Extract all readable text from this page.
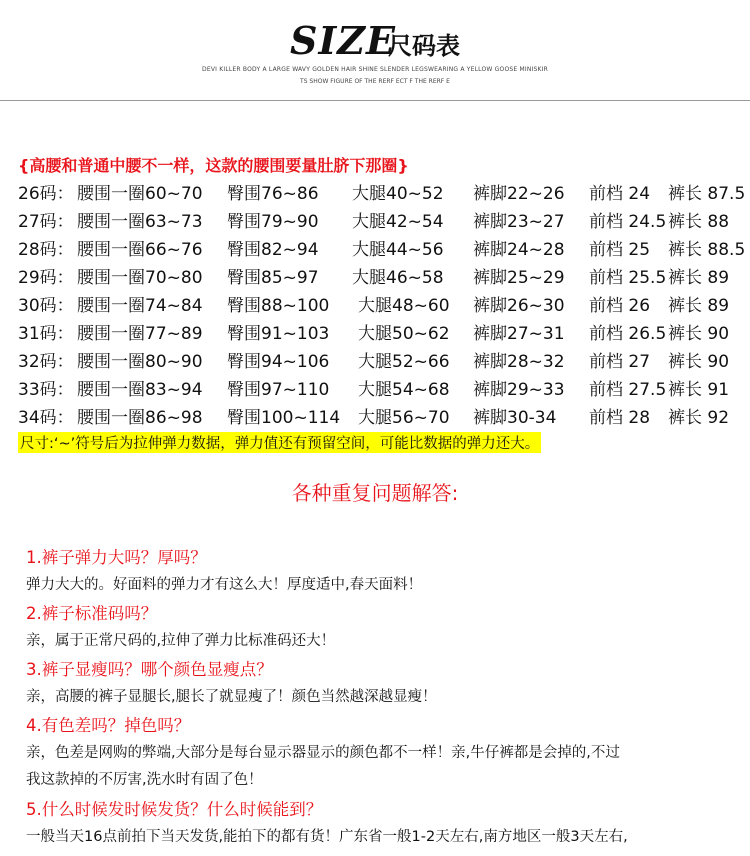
SIZE
尺码表
DEVI KILLER BODY A LARGE WAVY GOLDEN HAIR SHINE SLENDER LEGSWEARING A YELLOW GOOSE MINISKIR
TS SHOW FIGURE OF THE RERF ECT F THE RERF E
{高腰和普通中腰不一样，这款的腰围要量肚脐下那圈}
26码： 腰围一圈60~70 臀围76~86 大腿40~52 裤脚22~26 前档 24 裤长 87.5
27码： 腰围一圈63~73 臀围79~90 大腿42~54 裤脚23~27 前档 24.5 裤长 88
28码： 腰围一圈66~76 臀围82~94 大腿44~56 裤脚24~28 前档 25 裤长 88.5
29码： 腰围一圈70~80 臀围85~97 大腿46~58 裤脚25~29 前档 25.5 裤长 89
30码： 腰围一圈74~84 臀围88~100 大腿48~60 裤脚26~30 前档 26 裤长 89
31码： 腰围一圈77~89 臀围91~103 大腿50~62 裤脚27~31 前档 26.5 裤长 90
32码： 腰围一圈80~90 臀围94~106 大腿52~66 裤脚28~32 前档 27 裤长 90
33码： 腰围一圈83~94 臀围97~110 大腿54~68 裤脚29~33 前档 27.5 裤长 91
34码： 腰围一圈86~98 臀围100~114 大腿56~70 裤脚30-34 前档 28 裤长 92
尺寸:‘~’符号后为拉伸弹力数据，弹力值还有预留空间，可能比数据的弹力还大。
各种重复问题解答:
1.裤子弹力大吗？厚吗？
弹力大大的。好面料的弹力才有这么大！厚度适中,春天面料！
2.裤子标准码吗？
亲，属于正常尺码的,拉伸了弹力比标准码还大！
3.裤子显瘦吗？哪个颜色显瘦点？
亲，高腰的裤子显腿长,腿长了就显瘦了！颜色当然越深越显瘦！
4.有色差吗？掉色吗？
亲，色差是网购的弊端,大部分是每台显示器显示的颜色都不一样！亲,牛仔裤都是会掉的,不过
我这款掉的不厉害,洗水时有固了色！
5.什么时候发时候发货？什么时候能到？
一般当天16点前拍下当天发货,能拍下的都有货！广东省一般1-2天左右,南方地区一般3天左右,
